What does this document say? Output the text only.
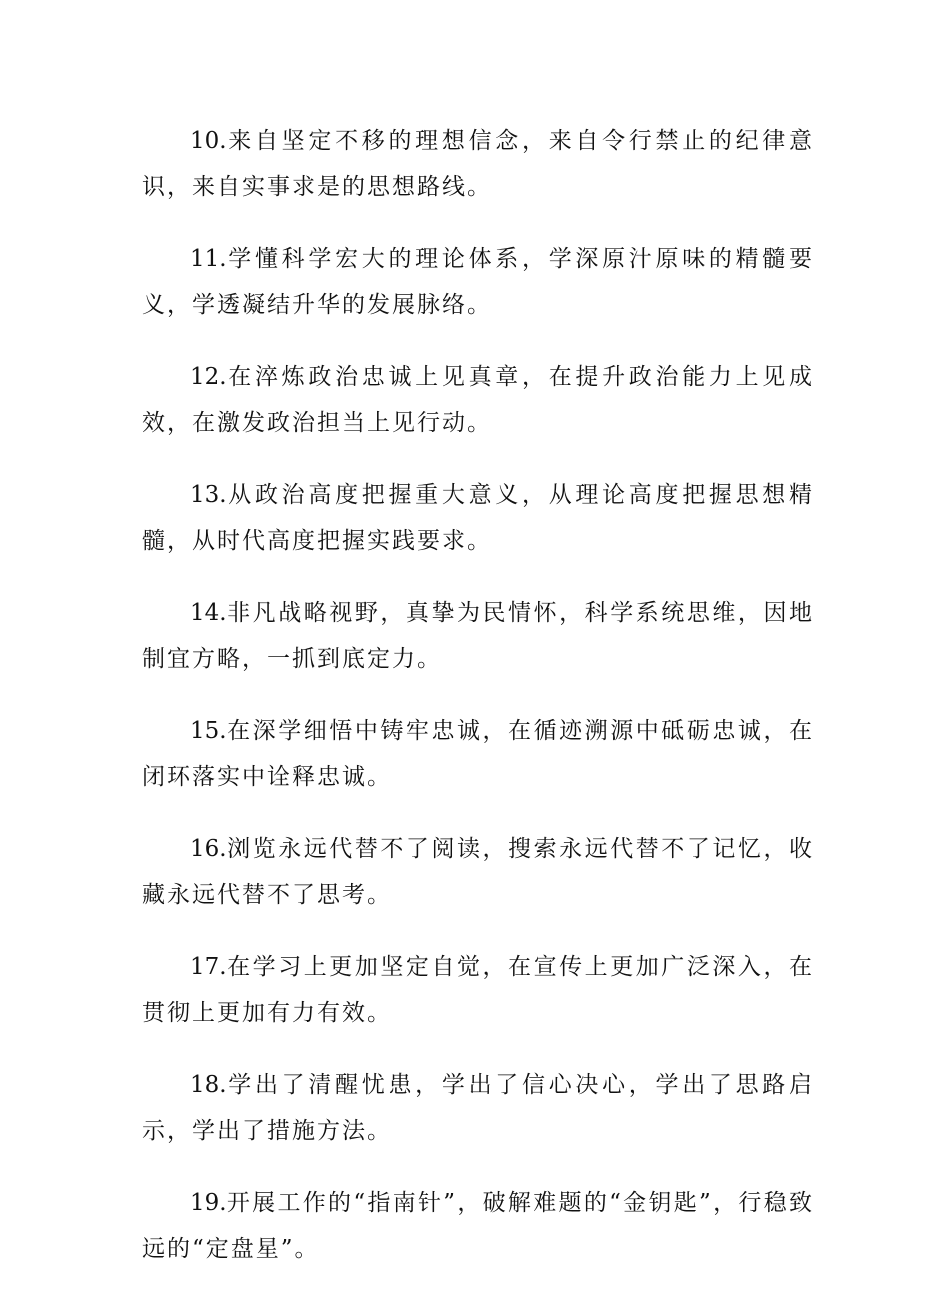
10.来自坚定不移的理想信念，来自令行禁止的纪律意识，来自实事求是的思想路线。

11.学懂科学宏大的理论体系，学深原汁原味的精髓要义，学透凝结升华的发展脉络。

12.在淬炼政治忠诚上见真章，在提升政治能力上见成效，在激发政治担当上见行动。

13.从政治高度把握重大意义，从理论高度把握思想精髓，从时代高度把握实践要求。

14.非凡战略视野，真挚为民情怀，科学系统思维，因地制宜方略，一抓到底定力。

15.在深学细悟中铸牢忠诚，在循迹溯源中砥砺忠诚，在闭环落实中诠释忠诚。

16.浏览永远代替不了阅读，搜索永远代替不了记忆，收藏永远代替不了思考。

17.在学习上更加坚定自觉，在宣传上更加广泛深入，在贯彻上更加有力有效。

18.学出了清醒忧患，学出了信心决心，学出了思路启示，学出了措施方法。

19.开展工作的“指南针”，破解难题的“金钥匙”，行稳致远的“定盘星”。
